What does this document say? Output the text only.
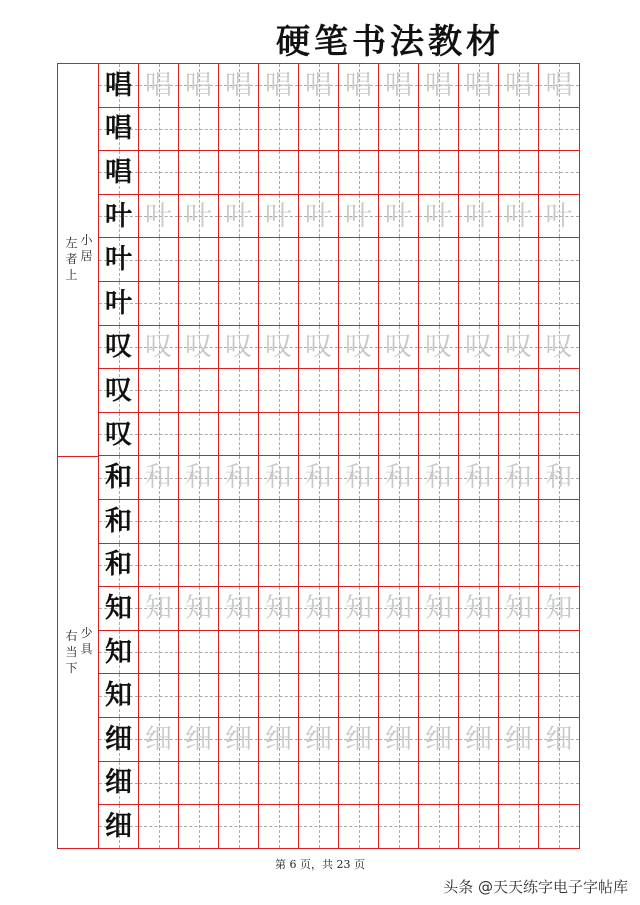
硬笔书法教材
小
居
左
者
上
唱 唱 唱 唱 唱 唱 唱 唱 唱 唱 唱 唱
唱
唱
叶 叶 叶 叶 叶 叶 叶 叶 叶 叶 叶 叶
叶
叶
叹 叹 叹 叹 叹 叹 叹 叹 叹 叹 叹 叹
叹
叹
少
具
右
当
下
和 和 和 和 和 和 和 和 和 和 和 和
和
和
知 知 知 知 知 知 知 知 知 知 知 知
知
知
细 细 细 细 细 细 细 细 细 细 细 细
细
细
第 6 页，共 23 页
头条 @天天练字电子字帖库
